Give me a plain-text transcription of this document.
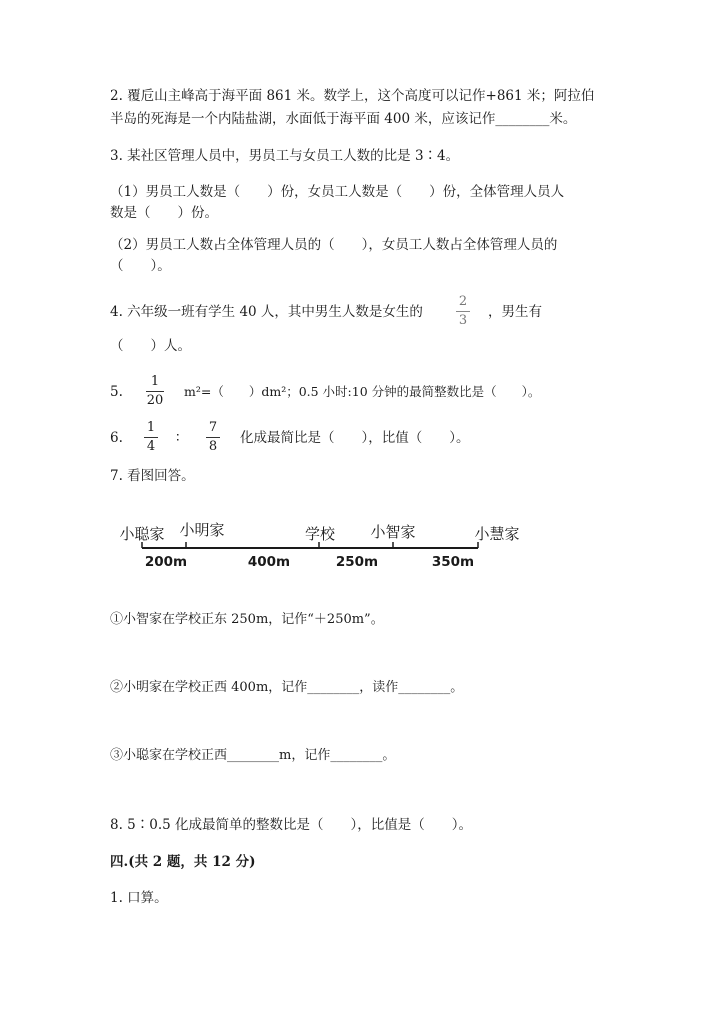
2. 覆卮山主峰高于海平面 861 米。数学上，这个高度可以记作+861 米；阿拉伯
半岛的死海是一个内陆盐湖，水面低于海平面 400 米，应该记作________米。
3. 某社区管理人员中，男员工与女员工人数的比是 3∶4。
（1）男员工人数是（　　）份，女员工人数是（　　）份，全体管理人员人
数是（　　）份。
（2）男员工人数占全体管理人员的（　　），女员工人数占全体管理人员的
（　　）。
4. 六年级一班有学生 40 人，其中男生人数是女生的
2
3
，男生有
（　　）人。
5.
1
20
m²=（　　）dm²；0.5 小时:10 分钟的最简整数比是（　　）。
6.
1
4
∶
7
8
化成最简比是（　　），比值（　　）。
7. 看图回答。
小聪家 小明家	学校 小智家	小慧家
200m	400m	250m	350m
①小智家在学校正东 250m，记作“＋250m”。
②小明家在学校正西 400m，记作________，读作________。
③小聪家在学校正西________m，记作________。
8. 5∶0.5 化成最简单的整数比是（　　），比值是（　　）。
四.(共 2 题，共 12 分)
1. 口算。
